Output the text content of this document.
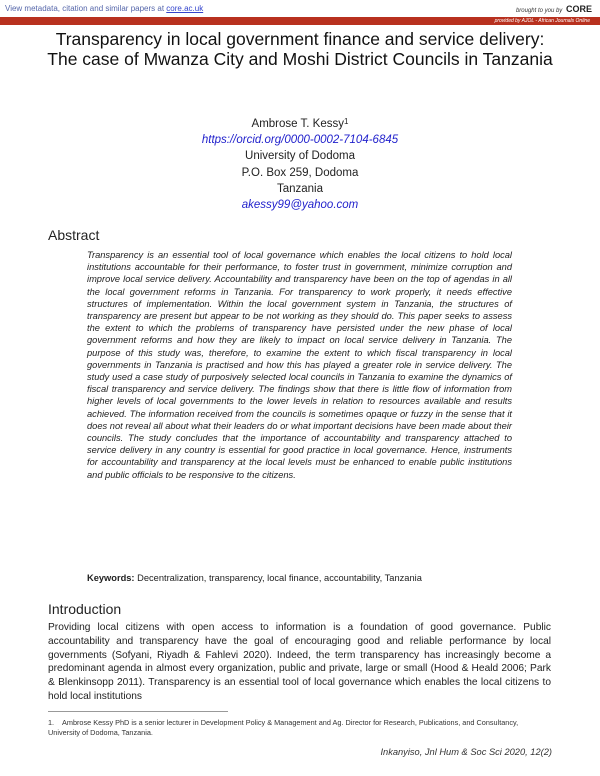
View metadata, citation and similar papers at core.ac.uk	brought to you by CORE
provided by AJOL - African Journals Online
Transparency in local government finance and service delivery: The case of Mwanza City and Moshi District Councils in Tanzania
Ambrose T. Kessy$^1$
https://orcid.org/0000-0002-7104-6845
University of Dodoma
P.O. Box 259, Dodoma
Tanzania
akessy99@yahoo.com
Abstract
Transparency is an essential tool of local governance which enables the local citizens to hold local institutions accountable for their performance, to foster trust in government, minimize corruption and improve local service delivery. Accountability and transparency have been on the top of agendas in all the local government reforms in Tanzania. For transparency to work properly, it needs effective structures of implementation. Within the local government system in Tanzania, the structures of transparency are present but appear to be not working as they should do. This paper seeks to assess the extent to which the problems of transparency have persisted under the new phase of local government reforms and how they are likely to impact on local service delivery in Tanzania. The purpose of this study was, therefore, to examine the extent to which fiscal transparency in local governments in Tanzania is practised and how this has played a greater role in service delivery. The study used a case study of purposively selected local councils in Tanzania to examine the dynamics of fiscal transparency and service delivery. The findings show that there is little flow of information from higher levels of local governments to the lower levels in relation to resources available and results achieved. The information received from the councils is sometimes opaque or fuzzy in the sense that it does not reveal all about what their leaders do or what important decisions have been made about their councils. The study concludes that the importance of accountability and transparency attached to service delivery in any country is essential for good practice in local governance. Hence, instruments for accountability and transparency at the local levels must be enhanced to enable public institutions and public officials to be responsive to the citizens.
Keywords: Decentralization, transparency, local finance, accountability, Tanzania
Introduction
Providing local citizens with open access to information is a foundation of good governance. Public accountability and transparency have the goal of encouraging good and reliable performance by local governments (Sofyani, Riyadh & Fahlevi 2020). Indeed, the term transparency has increasingly become a predominant agenda in almost every organization, public and private, large or small (Hood & Heald 2006; Park & Blenkinsopp 2011). Transparency is an essential tool of local governance which enables the local citizens to hold local institutions
1. Ambrose Kessy PhD is a senior lecturer in Development Policy & Management and Ag. Director for Research, Publications, and Consultancy, University of Dodoma, Tanzania.
Inkanyiso, Jnl Hum & Soc Sci 2020, 12(2)
